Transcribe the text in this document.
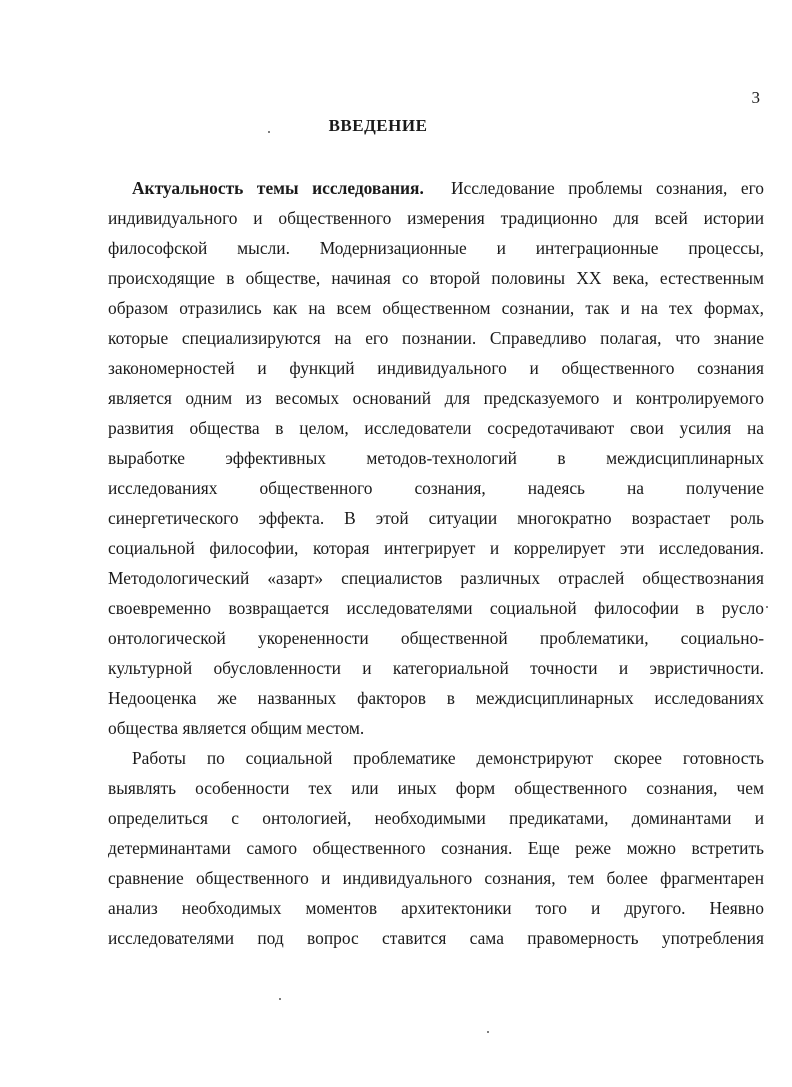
3
ВВЕДЕНИЕ

Актуальность темы исследования. Исследование проблемы сознания, его
индивидуального и общественного измерения традиционно для всей истории
философской мысли. Модернизационные и интеграционные процессы,
происходящие в обществе, начиная со второй половины XX века, естественным
образом отразились как на всем общественном сознании, так и на тех формах,
которые специализируются на его познании. Справедливо полагая, что знание
закономерностей и функций индивидуального и общественного сознания
является одним из весомых оснований для предсказуемого и контролируемого
развития общества в целом, исследователи сосредотачивают свои усилия на
выработке эффективных методов-технологий в междисциплинарных
исследованиях общественного сознания, надеясь на получение
синергетического эффекта. В этой ситуации многократно возрастает роль
социальной философии, которая интегрирует и коррелирует эти исследования.
Методологический «азарт» специалистов различных отраслей обществознания
своевременно возвращается исследователями социальной философии в русло
онтологической укорененности общественной проблематики, социально-
культурной обусловленности и категориальной точности и эвристичности.
Недооценка же названных факторов в междисциплинарных исследованиях
общества является общим местом.

Работы по социальной проблематике демонстрируют скорее готовность
выявлять особенности тех или иных форм общественного сознания, чем
определиться с онтологией, необходимыми предикатами, доминантами и
детерминантами самого общественного сознания. Еще реже можно встретить
сравнение общественного и индивидуального сознания, тем более фрагментарен
анализ необходимых моментов архитектоники того и другого. Неявно
исследователями под вопрос ставится сама правомерность употребления
